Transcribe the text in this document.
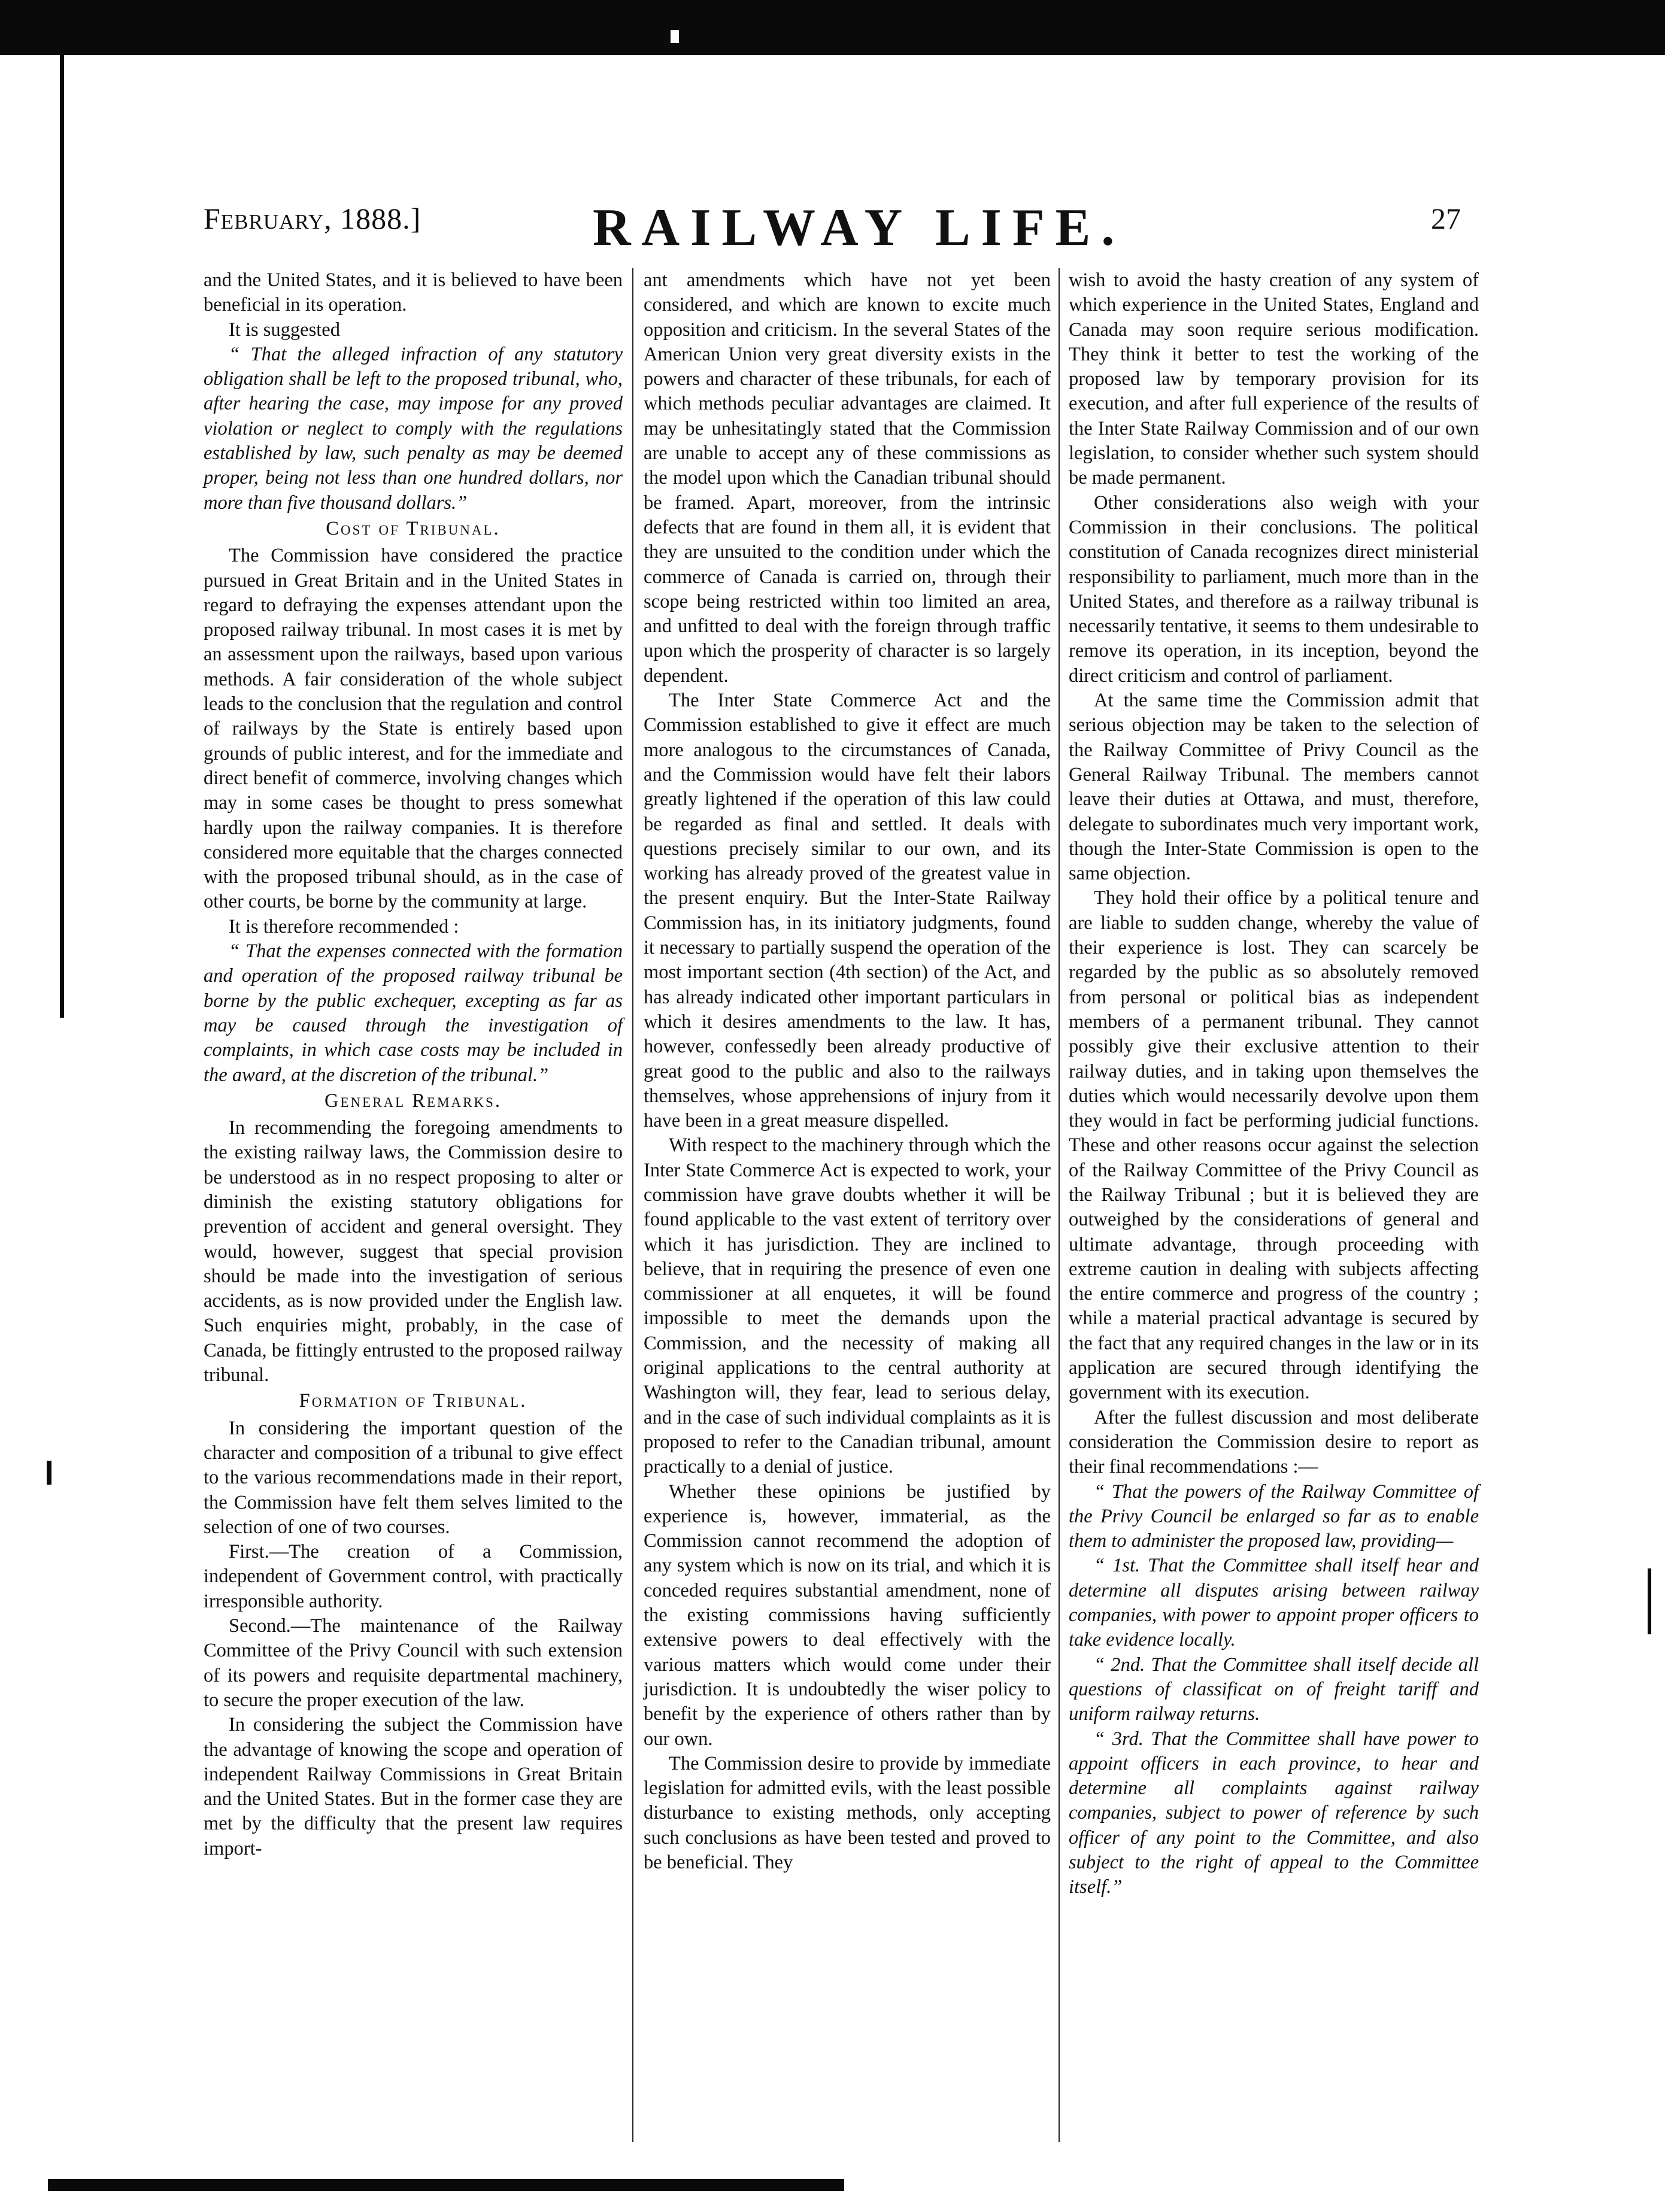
February, 1888.]	RAILWAY LIFE.	27

and the United States, and it is believed to have been beneficial in its operation.

It is suggested

“ That the alleged infraction of any statutory obligation shall be left to the proposed tribunal, who, after hearing the case, may impose for any proved violation or neglect to comply with the regulations established by law, such penalty as may be deemed proper, being not less than one hundred dollars, nor more than five thousand dollars.”

Cost of Tribunal.

The Commission have considered the practice pursued in Great Britain and in the United States in regard to defraying the expenses attendant upon the proposed railway tribunal. In most cases it is met by an assessment upon the railways, based upon various methods. A fair consideration of the whole subject leads to the conclusion that the regulation and control of railways by the State is entirely based upon grounds of public interest, and for the immediate and direct benefit of commerce, involving changes which may in some cases be thought to press somewhat hardly upon the railway companies. It is therefore considered more equitable that the charges connected with the proposed tribunal should, as in the case of other courts, be borne by the community at large.

It is therefore recommended :

“ That the expenses connected with the formation and operation of the proposed railway tribunal be borne by the public exchequer, excepting as far as may be caused through the investigation of complaints, in which case costs may be included in the award, at the discretion of the tribunal.”

General Remarks.

In recommending the foregoing amendments to the existing railway laws, the Commission desire to be understood as in no respect proposing to alter or diminish the existing statutory obligations for prevention of accident and general oversight. They would, however, suggest that special provision should be made into the investigation of serious accidents, as is now provided under the English law. Such enquiries might, probably, in the case of Canada, be fittingly entrusted to the proposed railway tribunal.

Formation of Tribunal.

In considering the important question of the character and composition of a tribunal to give effect to the various recommendations made in their report, the Commission have felt them selves limited to the selection of one of two courses.

First.—The creation of a Commission, independent of Government control, with practically irresponsible authority.

Second.—The maintenance of the Railway Committee of the Privy Council with such extension of its powers and requisite departmental machinery, to secure the proper execution of the law.

In considering the subject the Commission have the advantage of knowing the scope and operation of independent Railway Commissions in Great Britain and the United States. But in the former case they are met by the difficulty that the present law requires import-

ant amendments which have not yet been considered, and which are known to excite much opposition and criticism. In the several States of the American Union very great diversity exists in the powers and character of these tribunals, for each of which methods peculiar advantages are claimed. It may be unhesitatingly stated that the Commission are unable to accept any of these commissions as the model upon which the Canadian tribunal should be framed. Apart, moreover, from the intrinsic defects that are found in them all, it is evident that they are unsuited to the condition under which the commerce of Canada is carried on, through their scope being restricted within too limited an area, and unfitted to deal with the foreign through traffic upon which the prosperity of character is so largely dependent.

The Inter State Commerce Act and the Commission established to give it effect are much more analogous to the circumstances of Canada, and the Commission would have felt their labors greatly lightened if the operation of this law could be regarded as final and settled. It deals with questions precisely similar to our own, and its working has already proved of the greatest value in the present enquiry. But the Inter-State Railway Commission has, in its initiatory judgments, found it necessary to partially suspend the operation of the most important section (4th section) of the Act, and has already indicated other important particulars in which it desires amendments to the law. It has, however, confessedly been already productive of great good to the public and also to the railways themselves, whose apprehensions of injury from it have been in a great measure dispelled.

With respect to the machinery through which the Inter State Commerce Act is expected to work, your commission have grave doubts whether it will be found applicable to the vast extent of territory over which it has jurisdiction. They are inclined to believe, that in requiring the presence of even one commissioner at all enquetes, it will be found impossible to meet the demands upon the Commission, and the necessity of making all original applications to the central authority at Washington will, they fear, lead to serious delay, and in the case of such individual complaints as it is proposed to refer to the Canadian tribunal, amount practically to a denial of justice.

Whether these opinions be justified by experience is, however, immaterial, as the Commission cannot recommend the adoption of any system which is now on its trial, and which it is conceded requires substantial amendment, none of the existing commissions having sufficiently extensive powers to deal effectively with the various matters which would come under their jurisdiction. It is undoubtedly the wiser policy to benefit by the experience of others rather than by our own.

The Commission desire to provide by immediate legislation for admitted evils, with the least possible disturbance to existing methods, only accepting such conclusions as have been tested and proved to be beneficial. They

wish to avoid the hasty creation of any system of which experience in the United States, England and Canada may soon require serious modification. They think it better to test the working of the proposed law by temporary provision for its execution, and after full experience of the results of the Inter State Railway Commission and of our own legislation, to consider whether such system should be made permanent.

Other considerations also weigh with your Commission in their conclusions. The political constitution of Canada recognizes direct ministerial responsibility to parliament, much more than in the United States, and therefore as a railway tribunal is necessarily tentative, it seems to them undesirable to remove its operation, in its inception, beyond the direct criticism and control of parliament.

At the same time the Commission admit that serious objection may be taken to the selection of the Railway Committee of Privy Council as the General Railway Tribunal. The members cannot leave their duties at Ottawa, and must, therefore, delegate to subordinates much very important work, though the Inter-State Commission is open to the same objection.

They hold their office by a political tenure and are liable to sudden change, whereby the value of their experience is lost. They can scarcely be regarded by the public as so absolutely removed from personal or political bias as independent members of a permanent tribunal. They cannot possibly give their exclusive attention to their railway duties, and in taking upon themselves the duties which would necessarily devolve upon them they would in fact be performing judicial functions. These and other reasons occur against the selection of the Railway Committee of the Privy Council as the Railway Tribunal ; but it is believed they are outweighed by the considerations of general and ultimate advantage, through proceeding with extreme caution in dealing with subjects affecting the entire commerce and progress of the country ; while a material practical advantage is secured by the fact that any required changes in the law or in its application are secured through identifying the government with its execution.

After the fullest discussion and most deliberate consideration the Commission desire to report as their final recommendations :—

“ That the powers of the Railway Committee of the Privy Council be enlarged so far as to enable them to administer the proposed law, providing—

“ 1st. That the Committee shall itself hear and determine all disputes arising between railway companies, with power to appoint proper officers to take evidence locally.

“ 2nd. That the Committee shall itself decide all questions of classificat on of freight tariff and uniform railway returns.

“ 3rd. That the Committee shall have power to appoint officers in each province, to hear and determine all complaints against railway companies, subject to power of reference by such officer of any point to the Committee, and also subject to the right of appeal to the Committee itself.”
